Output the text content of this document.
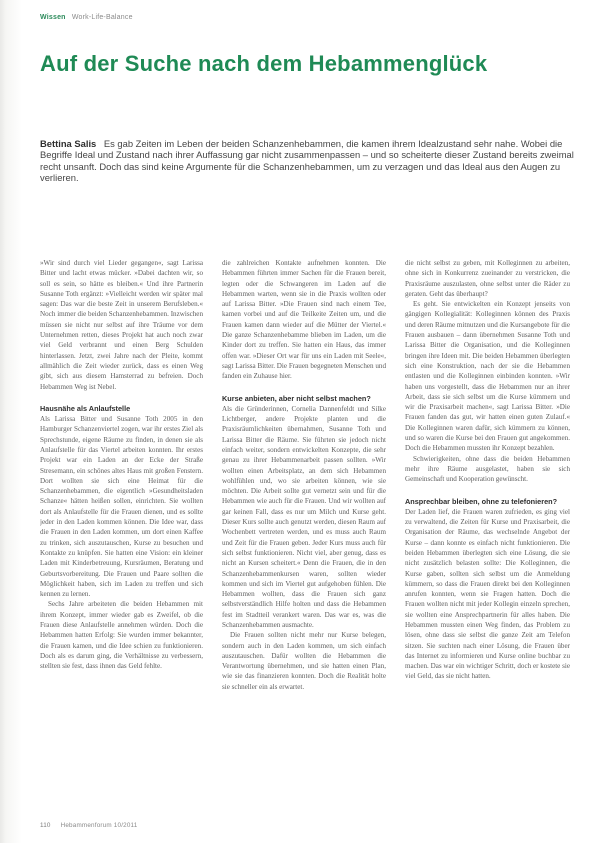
Wissen Work-Life-Balance
Auf der Suche nach dem Hebammenglück
Bettina Salis Es gab Zeiten im Leben der beiden Schanzenhebammen, die kamen ihrem Idealzustand sehr nahe. Wobei die Begriffe Ideal und Zustand nach ihrer Auffassung gar nicht zusammenpassen – und so scheiterte dieser Zustand bereits zweimal recht unsanft. Doch das sind keine Argumente für die Schanzenhebammen, um zu verzagen und das Ideal aus den Augen zu verlieren.

»Wir sind durch viel Lieder gegangen«, sagt Larissa Bitter und lacht etwas mücker. »Dabei dachten wir, so soll es sein, so hätte es bleiben.« Und ihre Partnerin Susanne Toth ergänzt: »Vielleicht werden wir später mal sagen: Das war die beste Zeit in unserem Berufsleben.« Noch immer die beiden Schanzenhebammen. Inzwischen müssen sie nicht nur selbst auf ihre Träume vor dem Unternehmen retten, dieses Projekt hat auch noch zwar viel Geld verbrannt und einen Berg Schulden hinterlassen. Jetzt, zwei Jahre nach der Pleite, kommt allmählich die Zeit wieder zurück, dass es einen Weg gibt, sich aus diesem Hamsterrad zu befreien. Doch Hebammen Weg ist Nebel.

Hausnähe als Anlaufstelle

Als Larissa Bitter und Susanne Toth 2005 in den Hamburger Schanzenviertel zogen, war ihr erstes Ziel als Sprechstunde, eigene Räume zu finden, in denen sie als Anlaufstelle für das Viertel arbeiten konnten. Ihr erstes Projekt war ein Laden an der Ecke der Straße Stresemann, ein schönes altes Haus mit großen Fenstern. Dort wollten sie sich eine Heimat für die Schanzenhebammen, die eigentlich »Gesundheitsladen Schanze« hätten heißen sollen, einrichten. Sie wollten dort als Anlaufstelle für die Frauen dienen, und es sollte jeder in den Laden kommen können. Die Idee war, dass die Frauen in den Laden kommen, um dort einen Kaffee zu trinken, sich auszutauschen, Kurse zu besuchen und Kontakte zu knüpfen. Sie hatten eine Vision: ein kleiner Laden mit Kinderbetreuung, Kursräumen, Beratung und Geburtsvorbereitung. Die Frauen und Paare sollten die Möglichkeit haben, sich im Laden zu treffen und sich kennen zu lernen.

Sechs Jahre arbeiteten die beiden Hebammen mit ihrem Konzept, immer wieder gab es Zweifel, ob die Frauen diese Anlaufstelle annehmen würden. Doch die Hebammen hatten Erfolg: Sie wurden immer bekannter, die Frauen kamen, und die Idee schien zu funktionieren. Doch als es darum ging, die Verhältnisse zu verbessern, stellten sie fest, dass ihnen das Geld fehlte.

die zahlreichen Kontakte aufnehmen konnten. Die Hebammen führten immer Sachen für die Frauen bereit, legten oder die Schwangeren im Laden auf die Hebammen warten, wenn sie in die Praxis wollten oder auf Larissa Bitter. »Die Frauen sind nach einem Tee, kamen vorbei und auf die Teilkeite Zeiten um, und die Frauen kamen dann wieder auf die Mütter der Viertel.« Die ganze Schanzenhebamme blieben im Laden, um die Kinder dort zu treffen. Sie hatten ein Haus, das immer offen war. »Dieser Ort war für uns ein Laden mit Seele«, sagt Larissa Bitter. Die Frauen begegneten Menschen und fanden ein Zuhause hier.

Kurse anbieten, aber nicht selbst machen?

Als die Gründerinnen, Cornelia Dannenfeldt und Silke Lichtberger, andere Projekte planten und die Praxisräumlichkeiten übernahmen, Susanne Toth und Larissa Bitter die Räume. Sie führten sie jedoch nicht einfach weiter, sondern entwickelten Konzepte, die sehr genau zu ihrer Hebammenarbeit passen sollten. »Wir wollten einen Arbeitsplatz, an dem sich Hebammen wohlfühlen und, wo sie arbeiten können, wie sie möchten. Die Arbeit sollte gut vernetzt sein und für die Hebammen wie auch für die Frauen. Und wir wollten auf gar keinen Fall, dass es nur um Milch und Kurse geht. Dieser Kurs sollte auch genutzt werden, diesen Raum auf Wochenbett vertreten werden, und es muss auch Raum und Zeit für die Frauen geben. Jeder Kurs muss auch für sich selbst funktionieren. Nicht viel, aber genug, dass es nicht an Kursen scheitert.« Denn die Frauen, die in den Schanzenhebammenkursen waren, sollten wieder kommen und sich im Viertel gut aufgehoben fühlen. Die Hebammen wollten, dass die Frauen sich ganz selbstverständlich Hilfe holten und dass die Hebammen fest im Stadtteil verankert waren. Das war es, was die Schanzenhebammen ausmachte.

Die Frauen sollten nicht mehr nur Kurse belegen, sondern auch in den Laden kommen, um sich einfach auszutauschen. Dafür wollten die Hebammen die Verantwortung übernehmen, und sie hatten einen Plan, wie sie das finanzieren konnten. Doch die Realität holte sie schneller ein als erwartet.

die nicht selbst zu geben, mit Kolleginnen zu arbeiten, ohne sich in Konkurrenz zueinander zu verstricken, die Praxisräume auszulasten, ohne selbst unter die Räder zu geraten. Geht das überhaupt?

Es geht. Sie entwickelten ein Konzept jenseits von gängigen Kollegialität: Kolleginnen können des Praxis und deren Räume mitnutzen und die Kursangebote für die Frauen ausbauen – dann übernehmen Susanne Toth und Larissa Bitter die Organisation, und die Kolleginnen bringen ihre Ideen mit. Die beiden Hebammen überlegten sich eine Konstruktion, nach der sie die Hebammen entlasten und die Kolleginnen einbinden konnten. »Wir haben uns vorgestellt, dass die Hebammen nur an ihrer Arbeit, dass sie sich selbst um die Kurse kümmern und wir die Praxisarbeit machen«, sagt Larissa Bitter. »Die Frauen fanden das gut, wir hatten einen guten Zulauf.« Die Kolleginnen waren dafür, sich kümmern zu können, und so waren die Kurse bei den Frauen gut angekommen. Doch die Hebammen mussten ihr Konzept bezahlen.

Schwierigkeiten, ohne dass die beiden Hebammen mehr ihre Räume ausgelastet, haben sie sich Gemeinschaft und Kooperation gewünscht.

Ansprechbar bleiben, ohne zu telefonieren?

Der Laden lief, die Frauen waren zufrieden, es ging viel zu verwaltend, die Zeiten für Kurse und Praxisarbeit, die Organisation der Räume, das wechselnde Angebot der Kurse – dann konnte es einfach nicht funktionieren. Die beiden Hebammen überlegten sich eine Lösung, die sie nicht zusätzlich belasten sollte: Die Kolleginnen, die Kurse gaben, sollten sich selbst um die Anmeldung kümmern, so dass die Frauen direkt bei den Kolleginnen anrufen konnten, wenn sie Fragen hatten. Doch die Frauen wollten nicht mit jeder Kollegin einzeln sprechen, sie wollten eine Ansprechpartnerin für alles haben. Die Hebammen mussten einen Weg finden, das Problem zu lösen, ohne dass sie selbst die ganze Zeit am Telefon sitzen. Sie suchten nach einer Lösung, die Frauen über das Internet zu informieren und Kurse online buchbar zu machen. Das war ein wichtiger Schritt, doch er kostete sie viel Geld, das sie nicht hatten.

110 Hebammenforum 10/2011
